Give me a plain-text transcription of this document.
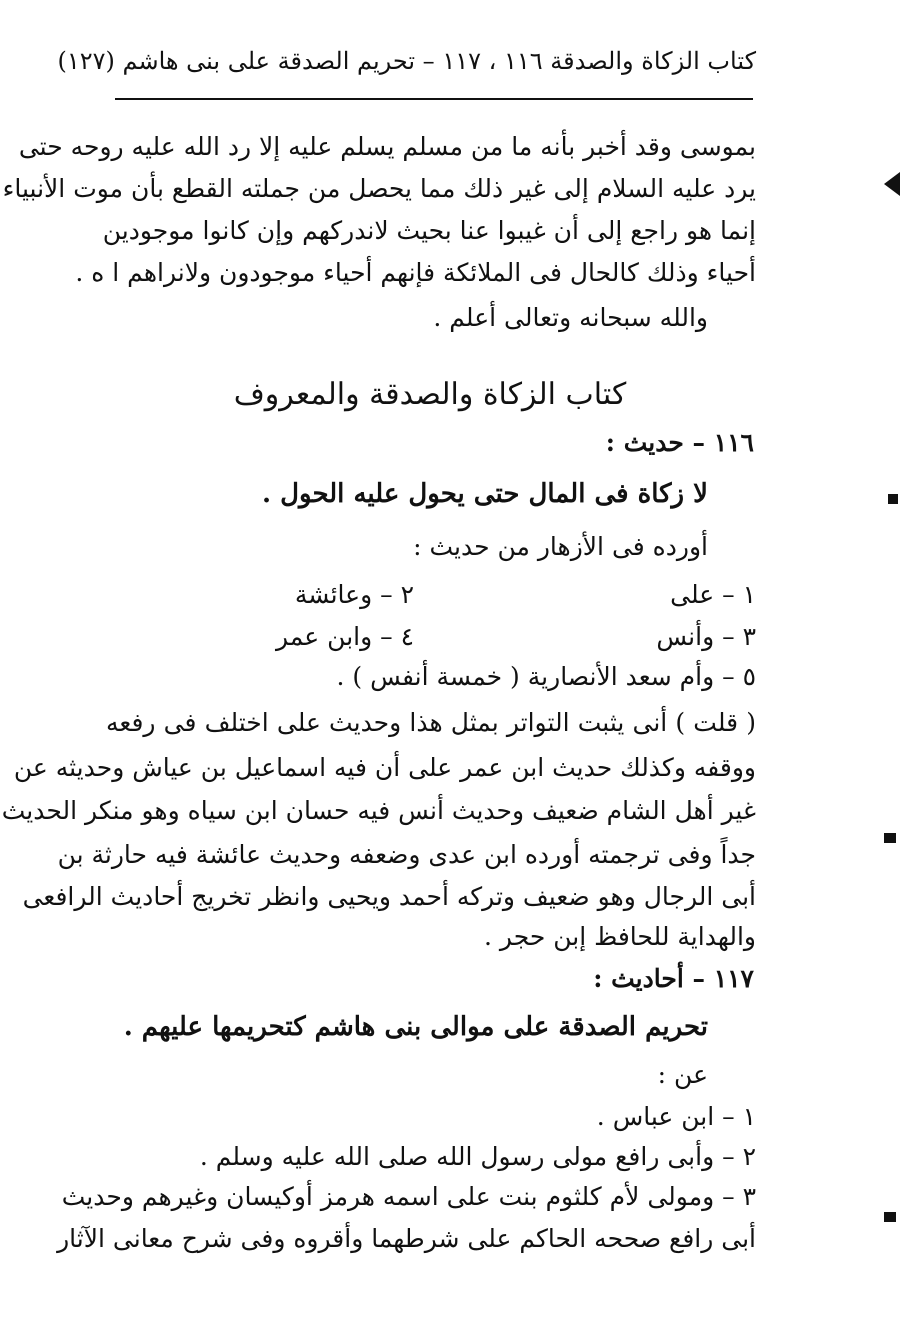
كتاب الزكاة والصدقة ١١٦ ، ١١٧ – تحريم الصدقة على بنى هاشم (١٢٧)
بموسى وقد أخبر بأنه ما من مسلم يسلم عليه إلا رد الله عليه روحه حتى
يرد عليه السلام إلى غير ذلك مما يحصل من جملته القطع بأن موت الأنبياء
إنما هو راجع إلى أن غيبوا عنا بحيث لاندركهم وإن كانوا موجودين
أحياء وذلك كالحال فى الملائكة فإنهم أحياء موجودون ولانراهم ا ه .
والله سبحانه وتعالى أعلم .
كتاب الزكاة والصدقة والمعروف
١١٦ – حديث :
لا زكاة فى المال حتى يحول عليه الحول .
أورده فى الأزهار من حديث :
١ – على
٢ – وعائشة
٣ – وأنس
٤ – وابن عمر
٥ – وأم سعد الأنصارية ( خمسة أنفس ) .
( قلت ) أنى يثبت التواتر بمثل هذا وحديث على اختلف فى رفعه
ووقفه وكذلك حديث ابن عمر على أن فيه اسماعيل بن عياش وحديثه عن
غير أهل الشام ضعيف وحديث أنس فيه حسان ابن سياه وهو منكر الحديث
جداً وفى ترجمته أورده ابن عدى وضعفه وحديث عائشة فيه حارثة بن
أبى الرجال وهو ضعيف وتركه أحمد ويحيى وانظر تخريج أحاديث الرافعى
والهداية للحافظ إبن حجر .
١١٧ – أحاديث :
تحريم الصدقة على موالى بنى هاشم كتحريمها عليهم .
عن :
١ – ابن عباس .
٢ – وأبى رافع مولى رسول الله صلى الله عليه وسلم .
٣ – ومولى لأم كلثوم بنت على اسمه هرمز أوكيسان وغيرهم وحديث
أبى رافع صححه الحاكم على شرطهما وأقروه وفى شرح معانى الآثار
